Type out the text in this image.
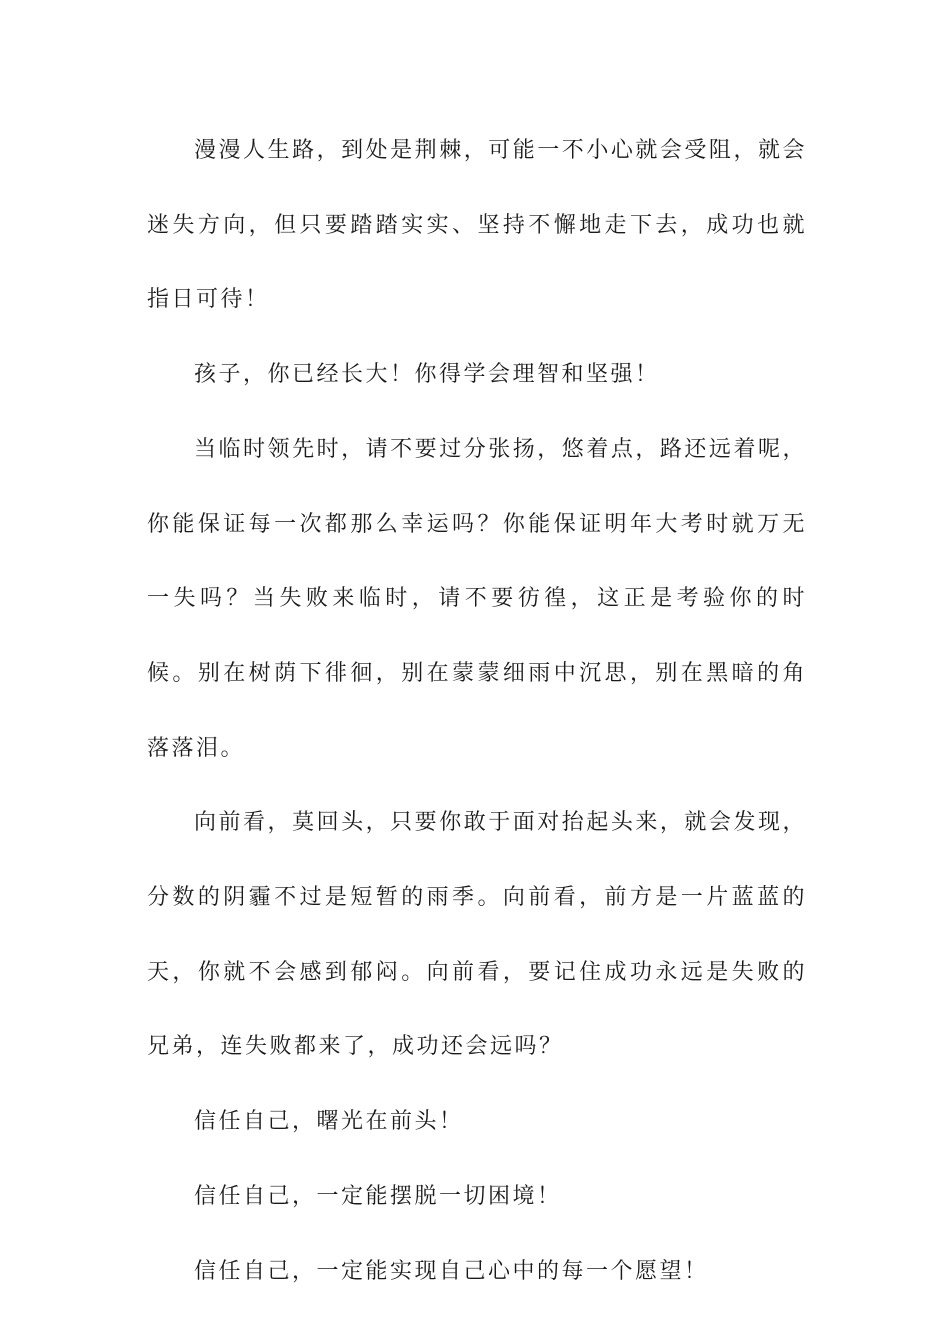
漫漫人生路，到处是荆棘，可能一不小心就会受阻，就会迷失方向，但只要踏踏实实、坚持不懈地走下去，成功也就指日可待！

孩子，你已经长大！你得学会理智和坚强！

当临时领先时，请不要过分张扬，悠着点，路还远着呢，你能保证每一次都那么幸运吗？你能保证明年大考时就万无一失吗？当失败来临时，请不要彷徨，这正是考验你的时候。别在树荫下徘徊，别在蒙蒙细雨中沉思，别在黑暗的角落落泪。

向前看，莫回头，只要你敢于面对抬起头来，就会发现，分数的阴霾不过是短暂的雨季。向前看，前方是一片蓝蓝的天，你就不会感到郁闷。向前看，要记住成功永远是失败的兄弟，连失败都来了，成功还会远吗？

信任自己，曙光在前头！

信任自己，一定能摆脱一切困境！

信任自己，一定能实现自己心中的每一个愿望！
